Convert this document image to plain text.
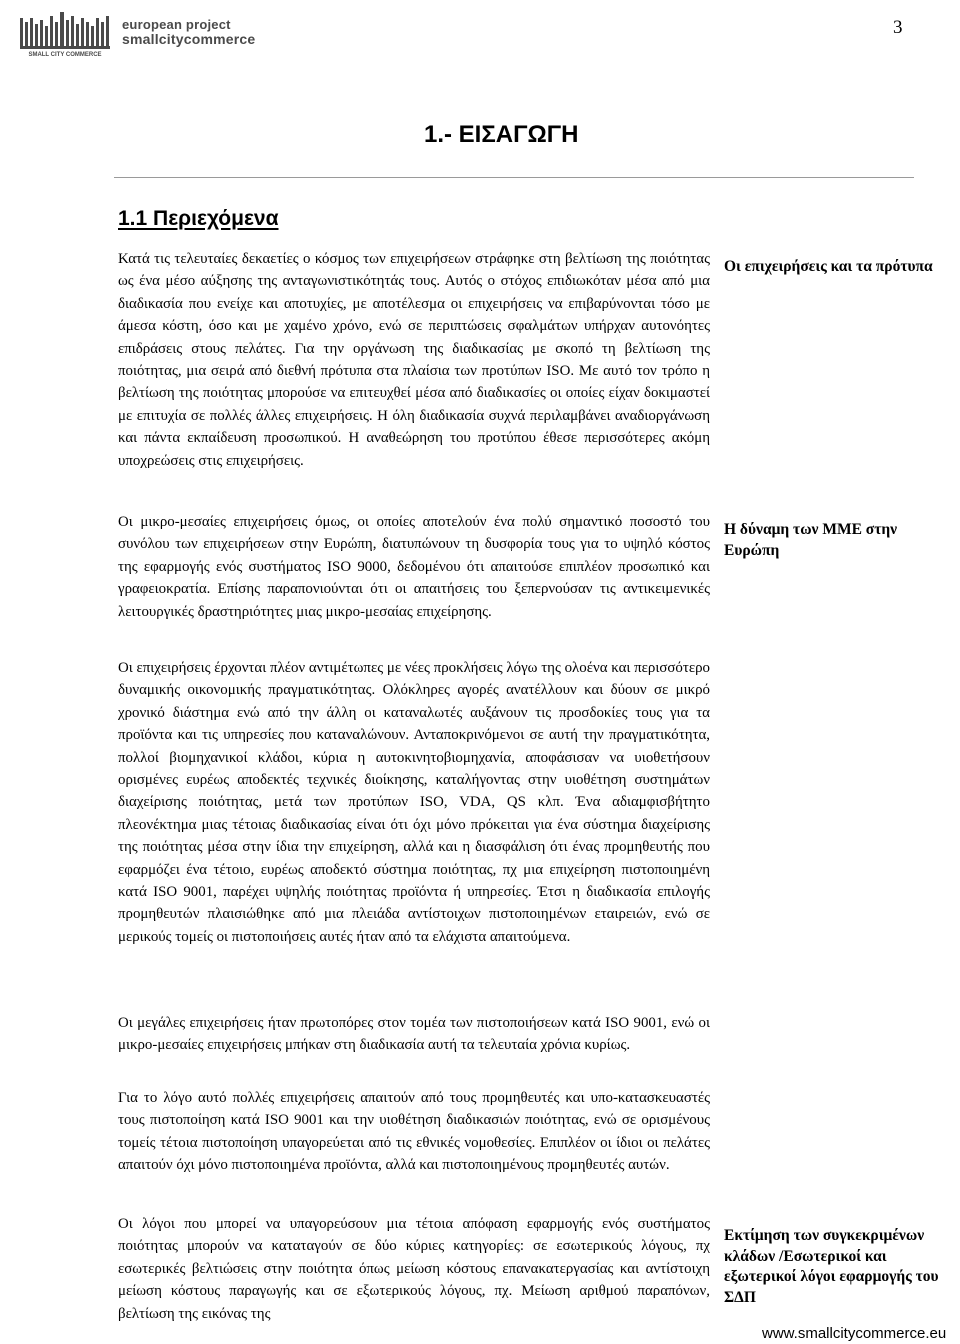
SMALL CITY COMMERCE
european project
smallcitycommerce
3
1.- ΕΙΣΑΓΩΓΗ
1.1 Περιεχόμενα

Κατά τις τελευταίες δεκαετίες ο κόσμος των επιχειρήσεων στράφηκε στη βελτίωση της ποιότητας ως ένα μέσο αύξησης της ανταγωνιστικότητάς τους. Αυτός ο στόχος επιδιωκόταν μέσα από μια διαδικασία που ενείχε και αποτυχίες, με αποτέλεσμα οι επιχειρήσεις να επιβαρύνονται τόσο με άμεσα κόστη, όσο και με χαμένο χρόνο, ενώ σε περιπτώσεις σφαλμάτων υπήρχαν αυτονόητες επιδράσεις στους πελάτες. Για την οργάνωση της διαδικασίας με σκοπό τη βελτίωση της ποιότητας, μια σειρά από διεθνή πρότυπα στα πλαίσια των προτύπων ISO. Με αυτό τον τρόπο η βελτίωση της ποιότητας μπορούσε να επιτευχθεί μέσα από διαδικασίες οι οποίες είχαν δοκιμαστεί με επιτυχία σε πολλές άλλες επιχειρήσεις. Η όλη διαδικασία συχνά περιλαμβάνει αναδιοργάνωση και πάντα εκπαίδευση προσωπικού. Η αναθεώρηση του προτύπου έθεσε περισσότερες ακόμη υποχρεώσεις στις επιχειρήσεις.

Οι μικρο-μεσαίες επιχειρήσεις όμως, οι οποίες αποτελούν ένα πολύ σημαντικό ποσοστό του συνόλου των επιχειρήσεων στην Ευρώπη, διατυπώνουν τη δυσφορία τους για το υψηλό κόστος της εφαρμογής ενός συστήματος ISO 9000, δεδομένου ότι απαιτούσε επιπλέον προσωπικό και γραφειοκρατία. Επίσης παραπονιούνται ότι οι απαιτήσεις του ξεπερνούσαν τις αντικειμενικές λειτουργικές δραστηριότητες μιας μικρο-μεσαίας επιχείρησης.

Οι επιχειρήσεις έρχονται πλέον αντιμέτωπες με νέες προκλήσεις λόγω της ολοένα και περισσότερο δυναμικής οικονομικής πραγματικότητας. Ολόκληρες αγορές ανατέλλουν και δύουν σε μικρό χρονικό διάστημα ενώ από την άλλη οι καταναλωτές αυξάνουν τις προσδοκίες τους για τα προϊόντα και τις υπηρεσίες που καταναλώνουν. Ανταποκρινόμενοι σε αυτή την πραγματικότητα, πολλοί βιομηχανικοί κλάδοι, κύρια η αυτοκινητοβιομηχανία, αποφάσισαν να υιοθετήσουν ορισμένες ευρέως αποδεκτές τεχνικές διοίκησης, καταλήγοντας στην υιοθέτηση συστημάτων διαχείρισης ποιότητας, μετά των προτύπων ISO, VDA, QS κλπ. Ένα αδιαμφισβήτητο πλεονέκτημα μιας τέτοιας διαδικασίας είναι ότι όχι μόνο πρόκειται για ένα σύστημα διαχείρισης της ποιότητας μέσα στην ίδια την επιχείρηση, αλλά και η διασφάλιση ότι ένας προμηθευτής που εφαρμόζει ένα τέτοιο, ευρέως αποδεκτό σύστημα ποιότητας, πχ μια επιχείρηση πιστοποιημένη κατά ISO 9001, παρέχει υψηλής ποιότητας προϊόντα ή υπηρεσίες. Έτσι η διαδικασία επιλογής προμηθευτών πλαισιώθηκε από μια πλειάδα αντίστοιχων πιστοποιημένων εταιρειών, ενώ σε μερικούς τομείς οι πιστοποιήσεις αυτές ήταν από τα ελάχιστα απαιτούμενα.

Οι μεγάλες επιχειρήσεις ήταν πρωτοπόρες στον τομέα των πιστοποιήσεων κατά ISO 9001, ενώ οι μικρο-μεσαίες επιχειρήσεις μπήκαν στη διαδικασία αυτή τα τελευταία χρόνια κυρίως.

Για το λόγο αυτό πολλές επιχειρήσεις απαιτούν από τους προμηθευτές και υπο-κατασκευαστές τους πιστοποίηση κατά ISO 9001 και την υιοθέτηση διαδικασιών ποιότητας, ενώ σε ορισμένους τομείς τέτοια πιστοποίηση υπαγορεύεται από τις εθνικές νομοθεσίες. Επιπλέον οι ίδιοι οι πελάτες απαιτούν όχι μόνο πιστοποιημένα προϊόντα, αλλά και πιστοποιημένους προμηθευτές αυτών.

Οι λόγοι που μπορεί να υπαγορεύσουν μια τέτοια απόφαση εφαρμογής ενός συστήματος ποιότητας μπορούν να καταταγούν σε δύο κύριες κατηγορίες: σε εσωτερικούς λόγους, πχ εσωτερικές βελτιώσεις στην ποιότητα όπως μείωση κόστους επανακατεργασίας και αντίστοιχη μείωση κόστους παραγωγής και σε εξωτερικούς λόγους, πχ. Μείωση αριθμού παραπόνων, βελτίωση της εικόνας της

Οι επιχειρήσεις και τα πρότυπα

Η δύναμη των ΜΜΕ στην Ευρώπη

Εκτίμηση των συγκεκριμένων κλάδων /Εσωτερικοί και εξωτερικοί λόγοι εφαρμογής του ΣΔΠ

www.smallcitycommerce.eu
